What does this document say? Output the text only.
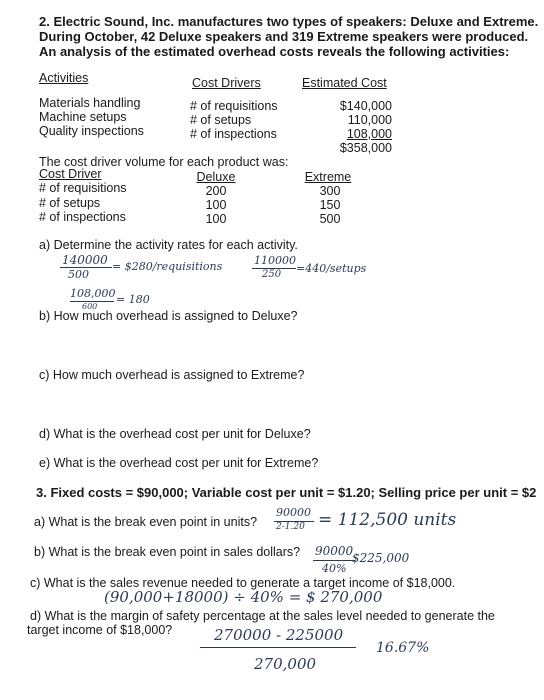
2. Electric Sound, Inc. manufactures two types of speakers: Deluxe and Extreme.
During October, 42 Deluxe speakers and 319 Extreme speakers were produced.
An analysis of the estimated overhead costs reveals the following activities:
Activities	Cost Drivers	Estimated Cost
Materials handling	# of requisitions	$140,000
Machine setups	# of setups	110,000
Quality inspections	# of inspections	108,000
$358,000
The cost driver volume for each product was:
Cost Driver	Deluxe	Extreme
# of requisitions	200	300
# of setups	100	150
# of inspections	100	500
a) Determine the activity rates for each activity.
140000
500
= $280/requisitions	110000
250 =440/setups
108,000
600
= 180
b) How much overhead is assigned to Deluxe?
c) How much overhead is assigned to Extreme?
d) What is the overhead cost per unit for Deluxe?
e) What is the overhead cost per unit for Extreme?
3. Fixed costs = $90,000; Variable cost per unit = $1.20; Selling price per unit = $2
a) What is the break even point in units?
90000
2-1.20 = 112,500 units
b) What is the break even point in sales dollars? 90000
40%
$225,000
c) What is the sales revenue needed to generate a target income of $18,000.
(90,000+18000) ÷ 40% = $ 270,000
d) What is the margin of safety percentage at the sales level needed to generate the
target income of $18,000?	270000 - 225000
270,000
16.67%
